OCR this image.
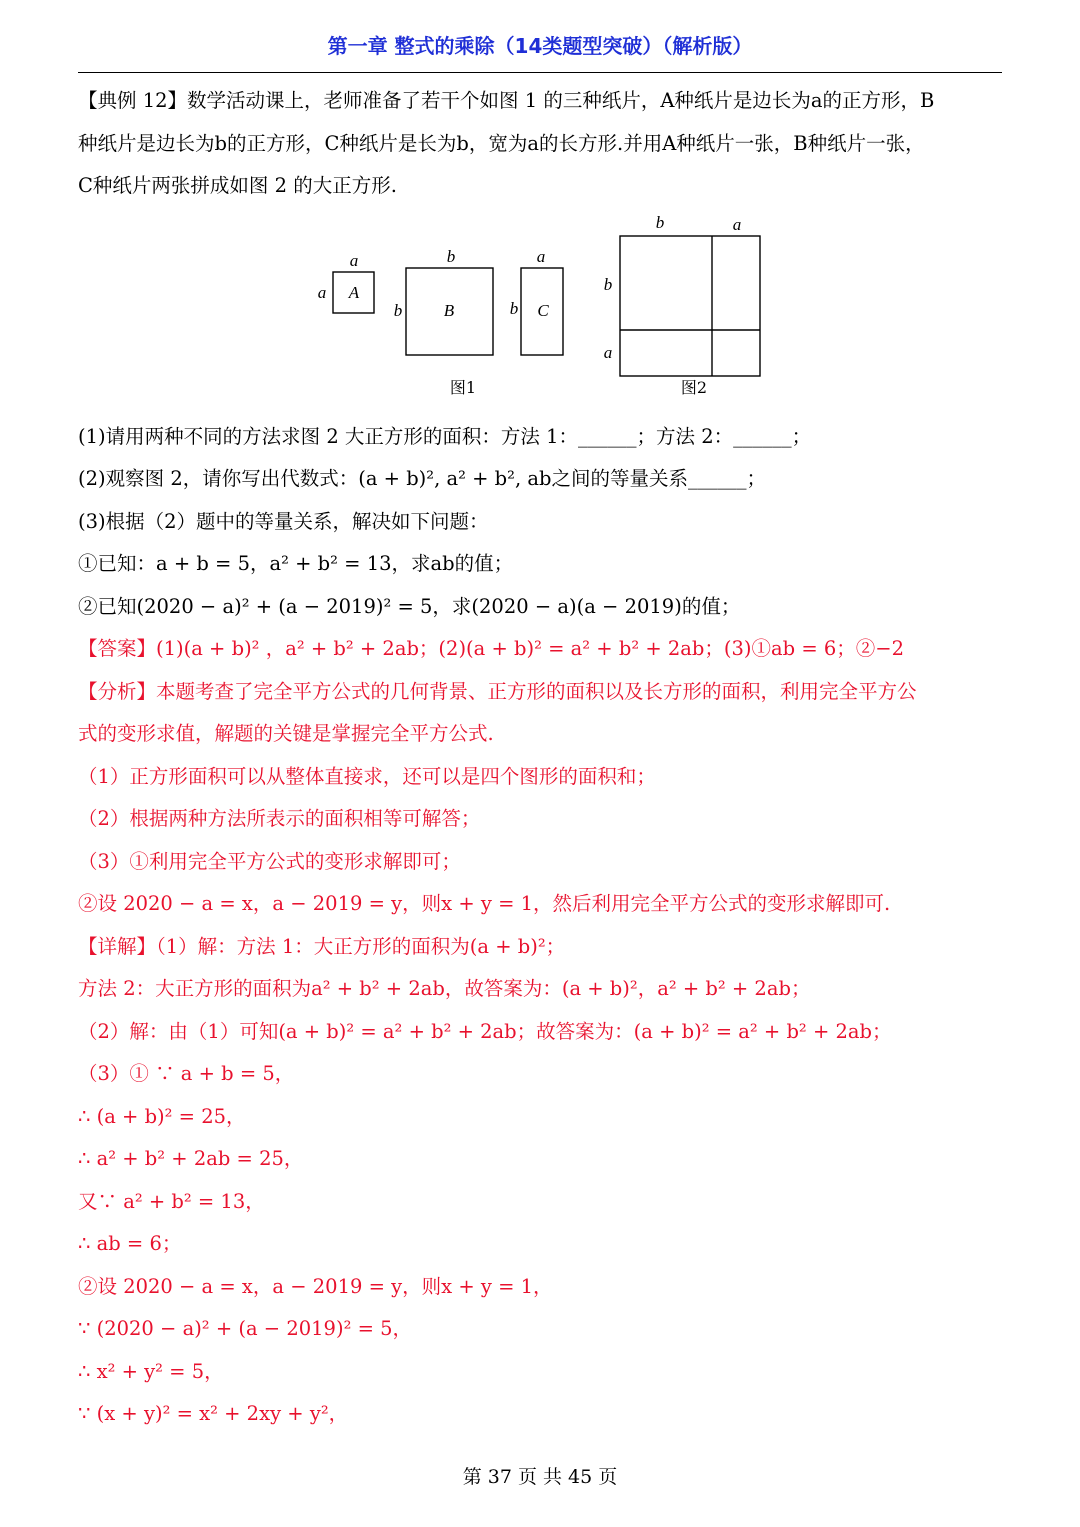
第一章 整式的乘除（14类题型突破）（解析版）
【典例 12】数学活动课上，老师准备了若干个如图 1 的三种纸片，A种纸片是边长为a的正方形，B
种纸片是边长为b的正方形，C种纸片是长为b，宽为a的长方形.并用A种纸片一张，B种纸片一张，
C种纸片两张拼成如图 2 的大正方形.
a
a A
b
b B
a
b C
b	a
b
a
图1	图2
(1)请用两种不同的方法求图 2 大正方形的面积：方法 1：______；方法 2：______；
(2)观察图 2，请你写出代数式：(a + b)², a² + b², ab之间的等量关系______；
(3)根据（2）题中的等量关系，解决如下问题：
①已知：a + b = 5，a² + b² = 13，求ab的值；
②已知(2020 − a)² + (a − 2019)² = 5，求(2020 − a)(a − 2019)的值；
【答案】(1)(a + b)² ，a² + b² + 2ab；(2)(a + b)² = a² + b² + 2ab；(3)①ab = 6；②−2
【分析】本题考查了完全平方公式的几何背景、正方形的面积以及长方形的面积，利用完全平方公
式的变形求值，解题的关键是掌握完全平方公式.
（1）正方形面积可以从整体直接求，还可以是四个图形的面积和；
（2）根据两种方法所表示的面积相等可解答；
（3）①利用完全平方公式的变形求解即可；
②设 2020 − a = x，a − 2019 = y，则x + y = 1，然后利用完全平方公式的变形求解即可.
【详解】（1）解：方法 1：大正方形的面积为(a + b)²；
方法 2：大正方形的面积为a² + b² + 2ab，故答案为：(a + b)²，a² + b² + 2ab；
（2）解：由（1）可知(a + b)² = a² + b² + 2ab；故答案为：(a + b)² = a² + b² + 2ab；
（3）① ∵ a + b = 5，
∴ (a + b)² = 25，
∴ a² + b² + 2ab = 25，
又∵ a² + b² = 13，
∴ ab = 6；
②设 2020 − a = x，a − 2019 = y，则x + y = 1，
∵ (2020 − a)² + (a − 2019)² = 5，
∴ x² + y² = 5，
∵ (x + y)² = x² + 2xy + y²，
第 37 页 共 45 页
